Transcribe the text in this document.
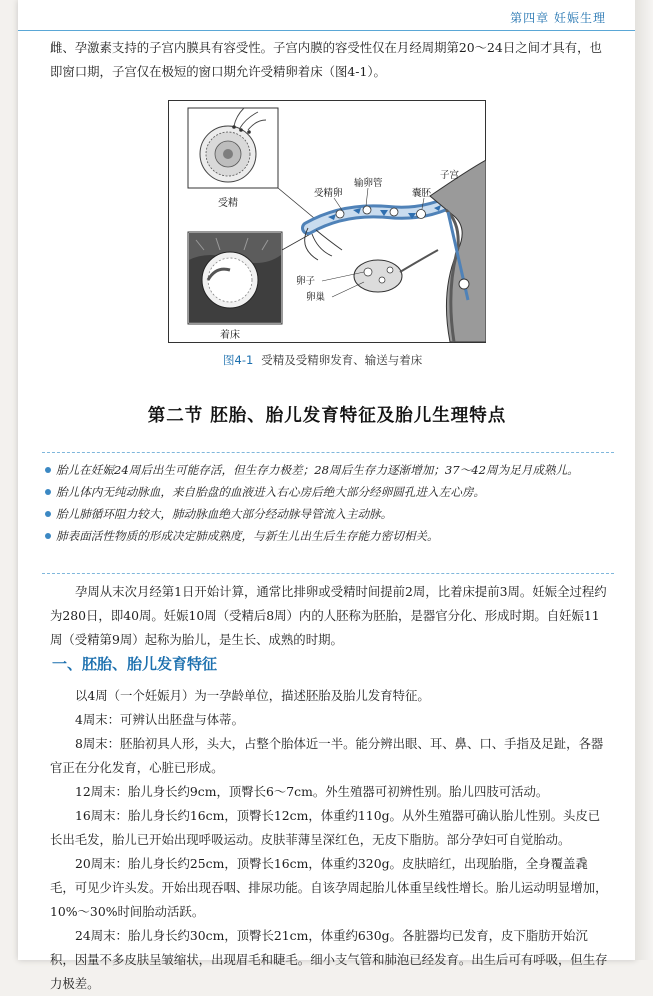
第四章 妊娠生理

雌、孕激素支持的子宫内膜具有容受性。子宫内膜的容受性仅在月经周期第20～24日之间才具有，也即窗口期，子宫仅在极短的窗口期允许受精卵着床（图4-1）。

受精
着床
受精卵
输卵管
子宫
囊胚
卵子
卵巢
图4-1 受精及受精卵发育、输送与着床
第二节 胚胎、胎儿发育特征及胎儿生理特点
胎儿在妊娠24周后出生可能存活，但生存力极差；28周后生存力逐渐增加；37～42周为足月成熟儿。
胎儿体内无纯动脉血，来自胎盘的血液进入右心房后绝大部分经卵圆孔进入左心房。
胎儿肺循环阻力较大，肺动脉血绝大部分经动脉导管流入主动脉。
肺表面活性物质的形成决定肺成熟度，与新生儿出生后生存能力密切相关。

孕周从末次月经第1日开始计算，通常比排卵或受精时间提前2周，比着床提前3周。妊娠全过程约为280日，即40周。妊娠10周（受精后8周）内的人胚称为胚胎，是器官分化、形成时期。自妊娠11周（受精第9周）起称为胎儿，是生长、成熟的时期。

一、胚胎、胎儿发育特征

以4周（一个妊娠月）为一孕龄单位，描述胚胎及胎儿发育特征。

4周末：可辨认出胚盘与体蒂。

8周末：胚胎初具人形，头大，占整个胎体近一半。能分辨出眼、耳、鼻、口、手指及足趾，各器官正在分化发育，心脏已形成。

12周末：胎儿身长约9cm，顶臀长6～7cm。外生殖器可初辨性别。胎儿四肢可活动。

16周末：胎儿身长约16cm，顶臀长12cm，体重约110g。从外生殖器可确认胎儿性别。头皮已长出毛发，胎儿已开始出现呼吸运动。皮肤菲薄呈深红色，无皮下脂肪。部分孕妇可自觉胎动。

20周末：胎儿身长约25cm，顶臀长16cm，体重约320g。皮肤暗红，出现胎脂，全身覆盖毳毛，可见少许头发。开始出现吞咽、排尿功能。自该孕周起胎儿体重呈线性增长。胎儿运动明显增加，10%～30%时间胎动活跃。

24周末：胎儿身长约30cm，顶臀长21cm，体重约630g。各脏器均已发育，皮下脂肪开始沉积，因量不多皮肤呈皱缩状，出现眉毛和睫毛。细小支气管和肺泡已经发育。出生后可有呼吸，但生存力极差。
